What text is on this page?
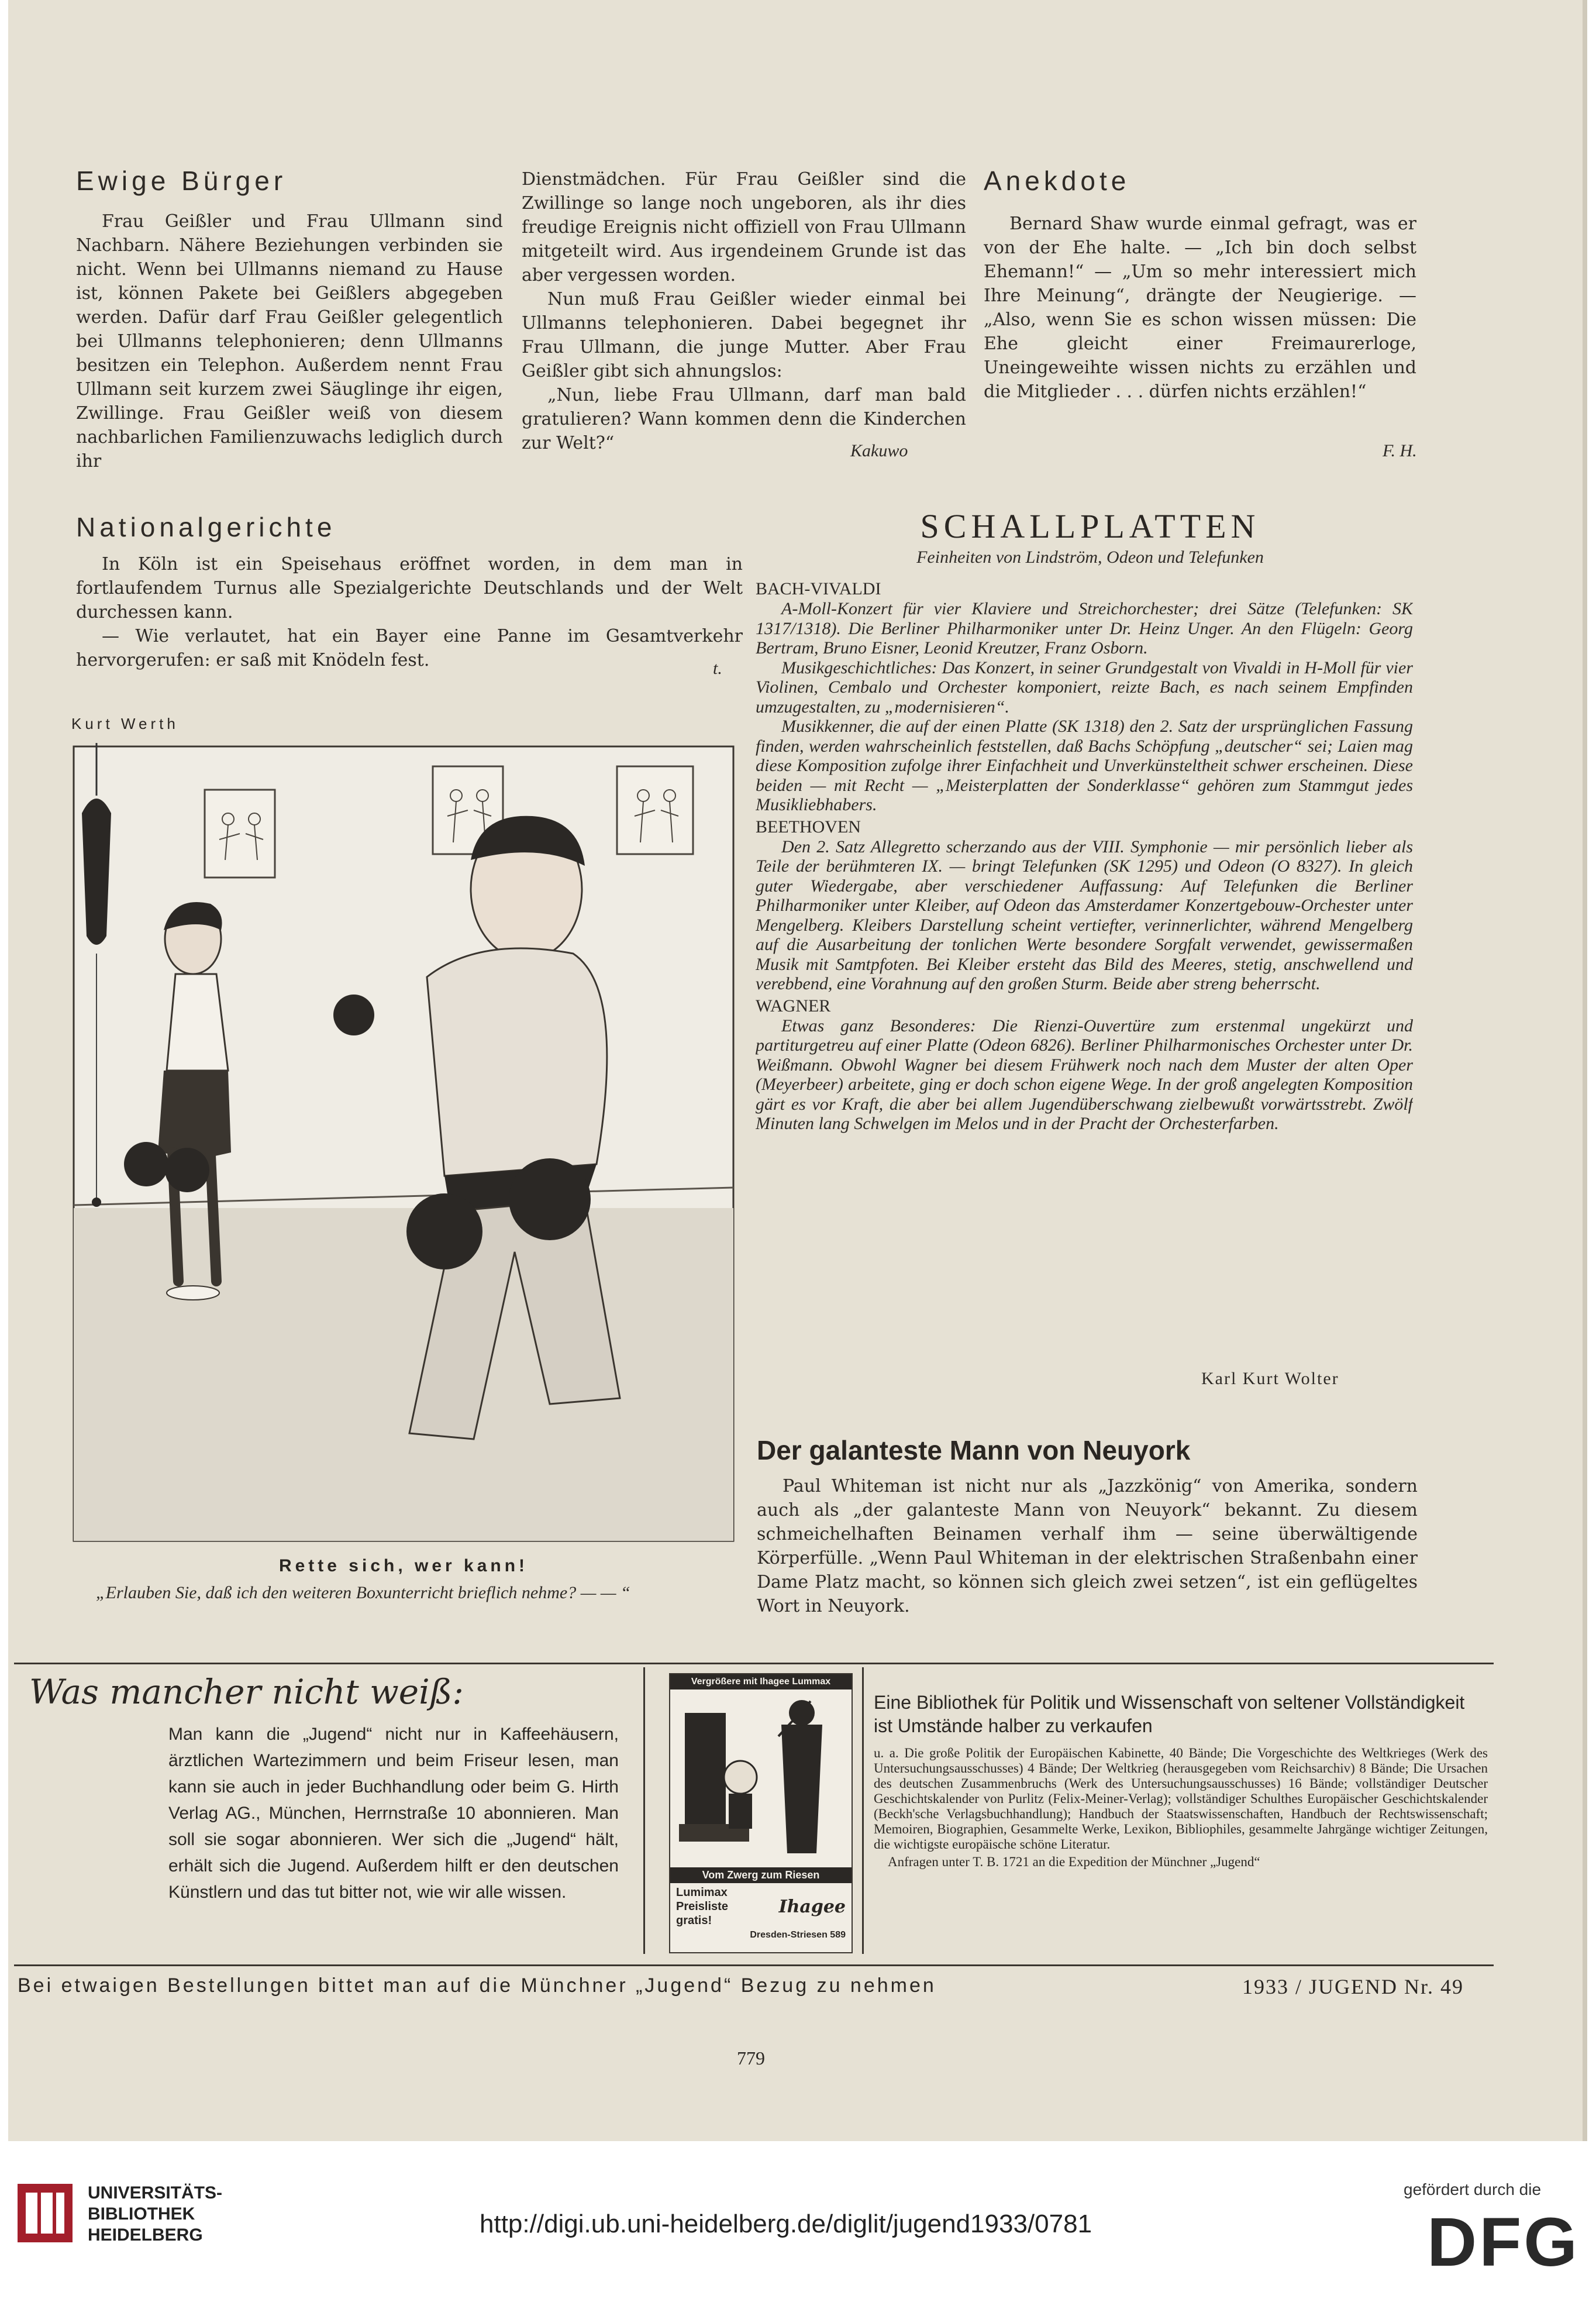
Ewige Bürger

Frau Geißler und Frau Ullmann sind Nachbarn. Nähere Beziehungen verbinden sie nicht. Wenn bei Ullmanns niemand zu Hause ist, können Pakete bei Geißlers abgegeben werden. Dafür darf Frau Geißler gelegentlich bei Ullmanns telephonieren; denn Ullmanns besitzen ein Telephon. Außerdem nennt Frau Ullmann seit kurzem zwei Säuglinge ihr eigen, Zwillinge. Frau Geißler weiß von diesem nachbarlichen Familienzuwachs lediglich durch ihr

Dienstmädchen. Für Frau Geißler sind die Zwillinge so lange noch ungeboren, als ihr dies freudige Ereignis nicht offiziell von Frau Ullmann mitgeteilt wird. Aus irgendeinem Grunde ist das aber vergessen worden.

Nun muß Frau Geißler wieder einmal bei Ullmanns telephonieren. Dabei begegnet ihr Frau Ullmann, die junge Mutter. Aber Frau Geißler gibt sich ahnungslos:

„Nun, liebe Frau Ullmann, darf man bald gratulieren? Wann kommen denn die Kinderchen zur Welt?“	Kakuwo
Anekdote

Bernard Shaw wurde einmal gefragt, was er von der Ehe halte. — „Ich bin doch selbst Ehemann!“ — „Um so mehr interessiert mich Ihre Meinung“, drängte der Neugierige. — „Also, wenn Sie es schon wissen müssen: Die Ehe gleicht einer Freimaurerloge, Uneingeweihte wissen nichts zu erzählen und die Mitglieder . . . dürfen nichts erzählen!“

F. H.
Nationalgerichte

In Köln ist ein Speisehaus eröffnet worden, in dem man in fortlaufendem Turnus alle Spezialgerichte Deutschlands und der Welt durchessen kann.

— Wie verlautet, hat ein Bayer eine Panne im Gesamtverkehr hervorgerufen: er saß mit Knödeln fest.	t.
Kurt Werth
Rette sich, wer kann!
„Erlauben Sie, daß ich den weiteren Boxunterricht brieflich nehme? — — “
SCHALLPLATTEN
Feinheiten von Lindström, Odeon und Telefunken
BACH-VIVALDI

A-Moll-Konzert für vier Klaviere und Streichorchester; drei Sätze (Telefunken: SK 1317/1318). Die Berliner Philharmoniker unter Dr. Heinz Unger. An den Flügeln: Georg Bertram, Bruno Eisner, Leonid Kreutzer, Franz Osborn.

Musikgeschichtliches: Das Konzert, in seiner Grundgestalt von Vivaldi in H-Moll für vier Violinen, Cembalo und Orchester komponiert, reizte Bach, es nach seinem Empfinden umzugestalten, zu „modernisieren“.

Musikkenner, die auf der einen Platte (SK 1318) den 2. Satz der ursprünglichen Fassung finden, werden wahrscheinlich feststellen, daß Bachs Schöpfung „deutscher“ sei; Laien mag diese Komposition zufolge ihrer Einfachheit und Unverkünsteltheit schwer erscheinen. Diese beiden — mit Recht — „Meisterplatten der Sonderklasse“ gehören zum Stammgut jedes Musikliebhabers.

BEETHOVEN

Den 2. Satz Allegretto scherzando aus der VIII. Symphonie — mir persönlich lieber als Teile der berühmteren IX. — bringt Telefunken (SK 1295) und Odeon (O 8327). In gleich guter Wiedergabe, aber verschiedener Auffassung: Auf Telefunken die Berliner Philharmoniker unter Kleiber, auf Odeon das Amsterdamer Konzertgebouw-Orchester unter Mengelberg. Kleibers Darstellung scheint vertiefter, verinnerlichter, während Mengelberg auf die Ausarbeitung der tonlichen Werte besondere Sorgfalt verwendet, gewissermaßen Musik mit Samtpfoten. Bei Kleiber ersteht das Bild des Meeres, stetig, anschwellend und verebbend, eine Vorahnung auf den großen Sturm. Beide aber streng beherrscht.

WAGNER

Etwas ganz Besonderes: Die Rienzi-Ouvertüre zum erstenmal ungekürzt und partiturgetreu auf einer Platte (Odeon 6826). Berliner Philharmonisches Orchester unter Dr. Weißmann. Obwohl Wagner bei diesem Frühwerk noch nach dem Muster der alten Oper (Meyerbeer) arbeitete, ging er doch schon eigene Wege. In der groß angelegten Komposition gärt es vor Kraft, die aber bei allem Jugendüberschwang zielbewußt vorwärtsstrebt. Zwölf Minuten lang Schwelgen im Melos und in der Pracht der Orchesterfarben.

Karl Kurt Wolter
Der galanteste Mann von Neuyork

Paul Whiteman ist nicht nur als „Jazzkönig“ von Amerika, sondern auch als „der galanteste Mann von Neuyork“ bekannt. Zu diesem schmeichelhaften Beinamen verhalf ihm — seine überwältigende Körperfülle. „Wenn Paul Whiteman in der elektrischen Straßenbahn einer Dame Platz macht, so können sich gleich zwei setzen“, ist ein geflügeltes Wort in Neuyork.

Was mancher nicht weiß:
Man kann die „Jugend“ nicht nur in Kaffeehäusern, ärztlichen Wartezimmern und beim Friseur lesen, man kann sie auch in jeder Buchhandlung oder beim G. Hirth Verlag AG., München, Herrnstraße 10 abonnieren. Man soll sie sogar abonnieren. Wer sich die „Jugend“ hält, erhält sich die Jugend. Außerdem hilft er den deutschen Künstlern und das tut bitter not, wie wir alle wissen.
Vergrößere mit Ihagee Lummax
Vom Zwerg zum Riesen
Lumimax
Preisliste
gratis!
Ihagee
Dresden-Striesen 589
Eine Bibliothek für Politik und Wissenschaft von seltener Vollständigkeit ist Umstände halber zu verkaufen
u. a. Die große Politik der Europäischen Kabinette, 40 Bände; Die Vorgeschichte des Weltkrieges (Werk des Untersuchungsausschusses) 4 Bände; Der Weltkrieg (herausgegeben vom Reichsarchiv) 8 Bände; Die Ursachen des deutschen Zusammenbruchs (Werk des Untersuchungsausschusses) 16 Bände; vollständiger Deutscher Geschichtskalender von Purlitz (Felix-Meiner-Verlag); vollständiger Schulthes Europäischer Geschichtskalender (Beckh'sche Verlagsbuchhandlung); Handbuch der Staatswissenschaften, Handbuch der Rechtswissenschaft; Memoiren, Biographien, Gesammelte Werke, Lexikon, Bibliophiles, gesammelte Jahrgänge wichtiger Zeitungen, die wichtigste europäische schöne Literatur.
Anfragen unter T. B. 1721 an die Expedition der Münchner „Jugend“
Bei etwaigen Bestellungen bittet man auf die Münchner „Jugend“ Bezug zu nehmen	1933 / JUGEND Nr. 49
779
UNIVERSITÄTS-
BIBLIOTHEK
HEIDELBERG	http://digi.ub.uni-heidelberg.de/diglit/jugend1933/0781
gefördert durch die
DFG
